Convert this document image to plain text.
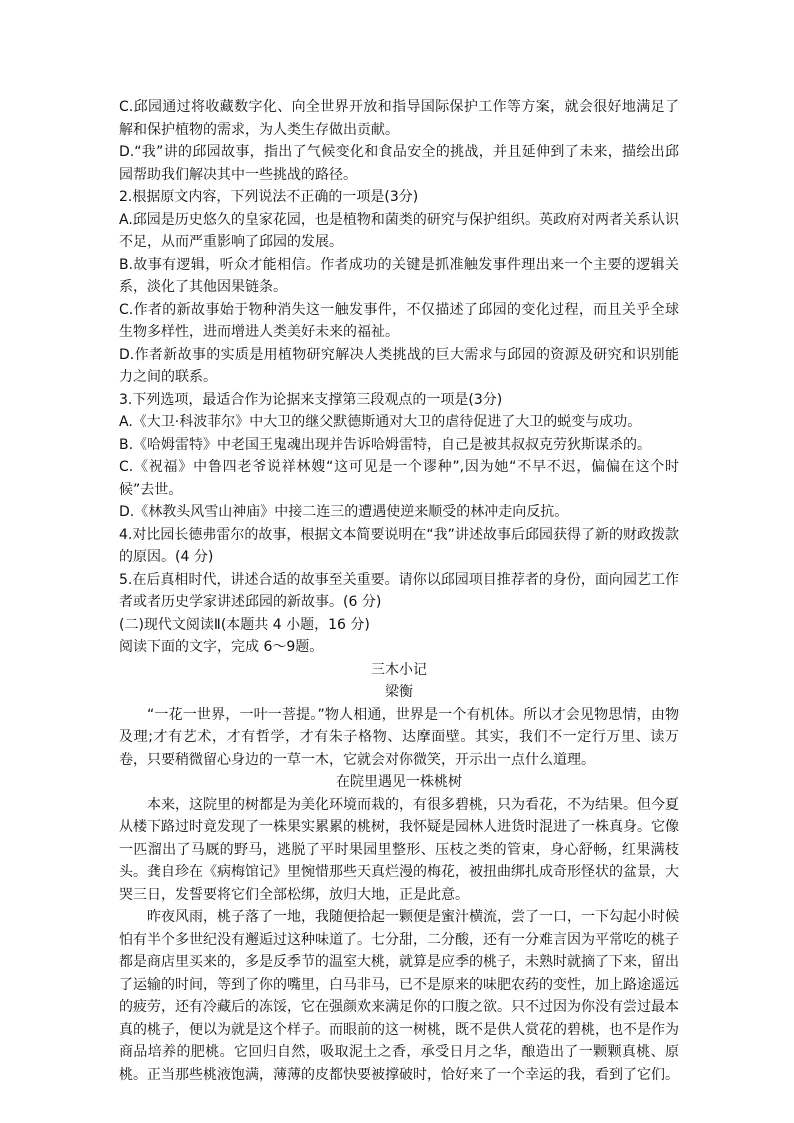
C.邱园通过将收藏数字化、向全世界开放和指导国际保护工作等方案，就会很好地满足了解和保护植物的需求，为人类生存做出贡献。

D.“我”讲的邱园故事，指出了气候变化和食品安全的挑战，并且延伸到了未来，描绘出邱园帮助我们解决其中一些挑战的路径。

2.根据原文内容，下列说法不正确的一项是(3分)

A.邱园是历史悠久的皇家花园，也是植物和菌类的研究与保护组织。英政府对两者关系认识不足，从而严重影响了邱园的发展。

B.故事有逻辑，听众才能相信。作者成功的关键是抓准触发事件理出来一个主要的逻辑关系，淡化了其他因果链条。

C.作者的新故事始于物种消失这一触发事件，不仅描述了邱园的变化过程，而且关乎全球生物多样性，进而增进人类美好未来的福祉。

D.作者新故事的实质是用植物研究解决人类挑战的巨大需求与邱园的资源及研究和识别能力之间的联系。

3.下列选项，最适合作为论据来支撑第三段观点的一项是(3分)

A.《大卫·科波菲尔》中大卫的继父默德斯通对大卫的虐待促进了大卫的蜕变与成功。

B.《哈姆雷特》中老国王鬼魂出现并告诉哈姆雷特，自己是被其叔叔克劳狄斯谋杀的。

C.《祝福》中鲁四老爷说祥林嫂“这可见是一个谬种”,因为她“不早不迟，偏偏在这个时候”去世。

D.《林教头风雪山神庙》中接二连三的遭遇使逆来顺受的林冲走向反抗。

4.对比园长德弗雷尔的故事，根据文本简要说明在“我”讲述故事后邱园获得了新的财政拨款的原因。(4 分)

5.在后真相时代，讲述合适的故事至关重要。请你以邱园项目推荐者的身份，面向园艺工作者或者历史学家讲述邱园的新故事。(6 分)

(二)现代文阅读Ⅱ(本题共 4 小题，16 分)

阅读下面的文字，完成 6～9题。

三木小记

梁衡

“一花一世界，一叶一菩提。”物人相通，世界是一个有机体。所以才会见物思情，由物及理;才有艺术，才有哲学，才有朱子格物、达摩面壁。其实，我们不一定行万里、读万卷，只要稍微留心身边的一草一木，它就会对你微笑，开示出一点什么道理。

在院里遇见一株桃树

本来，这院里的树都是为美化环境而栽的，有很多碧桃，只为看花，不为结果。但今夏从楼下路过时竟发现了一株果实累累的桃树，我怀疑是园林人进货时混进了一株真身。它像一匹溜出了马厩的野马，逃脱了平时果园里整形、压枝之类的管束，身心舒畅，红果满枝头。龚自珍在《病梅馆记》里惋惜那些天真烂漫的梅花，被扭曲绑扎成奇形怪状的盆景，大哭三日，发誓要将它们全部松绑，放归大地，正是此意。

昨夜风雨，桃子落了一地，我随便拾起一颗便是蜜汁横流，尝了一口，一下勾起小时候怕有半个多世纪没有邂逅过这种味道了。七分甜，二分酸，还有一分难言因为平常吃的桃子都是商店里买来的，多是反季节的温室大桃，就算是应季的桃子，未熟时就摘了下来，留出了运输的时间，等到了你的嘴里，白马非马，已不是原来的味肥农药的变性，加上路途遥远的疲劳，还有冷藏后的冻馁，它在强颜欢来满足你的口腹之欲。只不过因为你没有尝过最本真的桃子，便以为就是这个样子。而眼前的这一树桃，既不是供人赏花的碧桃，也不是作为商品培养的肥桃。它回归自然，吸取泥土之香，承受日月之华，酿造出了一颗颗真桃、原桃。正当那些桃液饱满，薄薄的皮都快要被撑破时，恰好来了一个幸运的我，看到了它们。
